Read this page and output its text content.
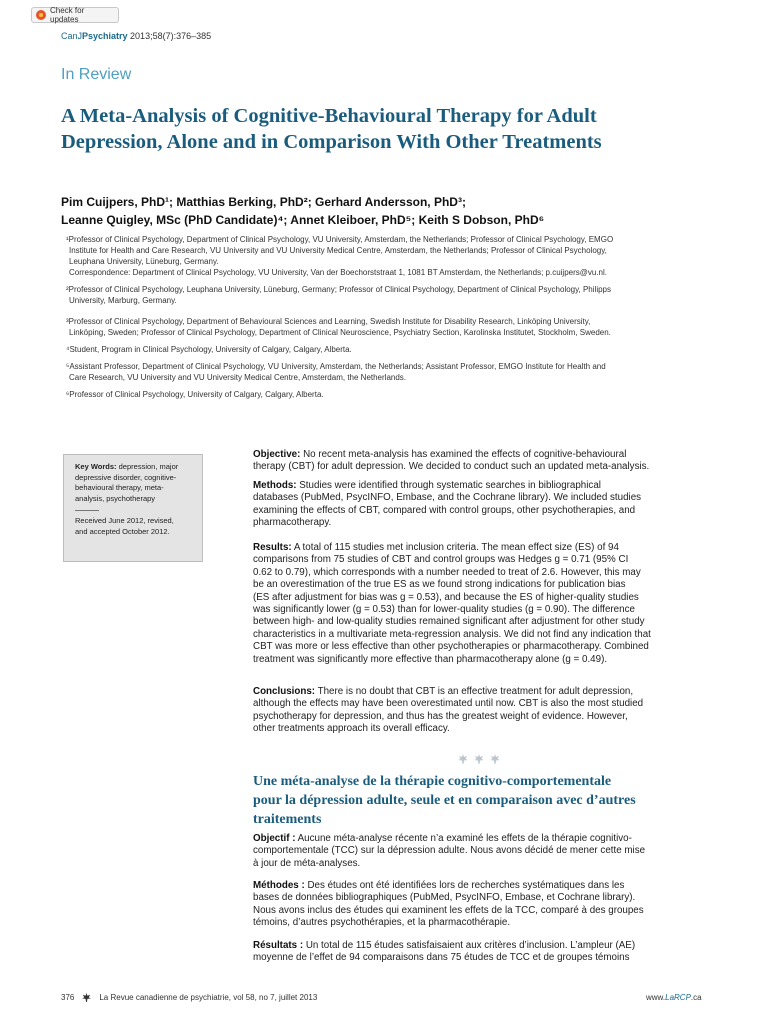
Check for updates
CanJPsychiatry 2013;58(7):376–385
In Review
A Meta-Analysis of Cognitive-Behavioural Therapy for Adult
Depression, Alone and in Comparison With Other Treatments
Pim Cuijpers, PhD¹; Matthias Berking, PhD²; Gerhard Andersson, PhD³;
Leanne Quigley, MSc (PhD Candidate)⁴; Annet Kleiboer, PhD⁵; Keith S Dobson, PhD⁶
¹Professor of Clinical Psychology, Department of Clinical Psychology, VU University, Amsterdam, the Netherlands; Professor of Clinical Psychology, EMGO
Institute for Health and Care Research, VU University and VU University Medical Centre, Amsterdam, the Netherlands; Professor of Clinical Psychology,
Leuphana University, Lüneburg, Germany.
Correspondence: Department of Clinical Psychology, VU University, Van der Boechorststraat 1, 1081 BT Amsterdam, the Netherlands; p.cuijpers@vu.nl.
²Professor of Clinical Psychology, Leuphana University, Lüneburg, Germany; Professor of Clinical Psychology, Department of Clinical Psychology, Philipps
University, Marburg, Germany.
³Professor of Clinical Psychology, Department of Behavioural Sciences and Learning, Swedish Institute for Disability Research, Linköping University,
Linköping, Sweden; Professor of Clinical Psychology, Department of Clinical Neuroscience, Psychiatry Section, Karolinska Institutet, Stockholm, Sweden.
⁴Student, Program in Clinical Psychology, University of Calgary, Calgary, Alberta.
⁵Assistant Professor, Department of Clinical Psychology, VU University, Amsterdam, the Netherlands; Assistant Professor, EMGO Institute for Health and
Care Research, VU University and VU University Medical Centre, Amsterdam, the Netherlands.
⁶Professor of Clinical Psychology, University of Calgary, Calgary, Alberta.
Key Words: depression, major
depressive disorder, cognitive-
behavioural therapy, meta-
analysis, psychotherapy
Received June 2012, revised,
and accepted October 2012.
Objective: No recent meta-analysis has examined the effects of cognitive-behavioural
therapy (CBT) for adult depression. We decided to conduct such an updated meta-analysis.
Methods: Studies were identified through systematic searches in bibliographical
databases (PubMed, PsycINFO, Embase, and the Cochrane library). We included studies
examining the effects of CBT, compared with control groups, other psychotherapies, and
pharmacotherapy.
Results: A total of 115 studies met inclusion criteria. The mean effect size (ES) of 94
comparisons from 75 studies of CBT and control groups was Hedges g = 0.71 (95% CI
0.62 to 0.79), which corresponds with a number needed to treat of 2.6. However, this may
be an overestimation of the true ES as we found strong indications for publication bias
(ES after adjustment for bias was g = 0.53), and because the ES of higher-quality studies
was significantly lower (g = 0.53) than for lower-quality studies (g = 0.90). The difference
between high- and low-quality studies remained significant after adjustment for other study
characteristics in a multivariate meta-regression analysis. We did not find any indication that
CBT was more or less effective than other psychotherapies or pharmacotherapy. Combined
treatment was significantly more effective than pharmacotherapy alone (g = 0.49).
Conclusions: There is no doubt that CBT is an effective treatment for adult depression,
although the effects may have been overestimated until now. CBT is also the most studied
psychotherapy for depression, and thus has the greatest weight of evidence. However,
other treatments approach its overall efficacy.
Une méta-analyse de la thérapie cognitivo-comportementale
pour la dépression adulte, seule et en comparaison avec d’autres
traitements
Objectif : Aucune méta-analyse récente n’a examiné les effets de la thérapie cognitivo-
comportementale (TCC) sur la dépression adulte. Nous avons décidé de mener cette mise
à jour de méta-analyses.
Méthodes : Des études ont été identifiées lors de recherches systématiques dans les
bases de données bibliographiques (PubMed, PsycINFO, Embase, et Cochrane library).
Nous avons inclus des études qui examinent les effets de la TCC, comparé à des groupes
témoins, d’autres psychothérapies, et la pharmacothérapie.
Résultats : Un total de 115 études satisfaisaient aux critères d’inclusion. L’ampleur (AE)
moyenne de l’effet de 94 comparaisons dans 75 études de TCC et de groupes témoins
376	La Revue canadienne de psychiatrie, vol 58, no 7, juillet 2013	www.LaRCP.ca
